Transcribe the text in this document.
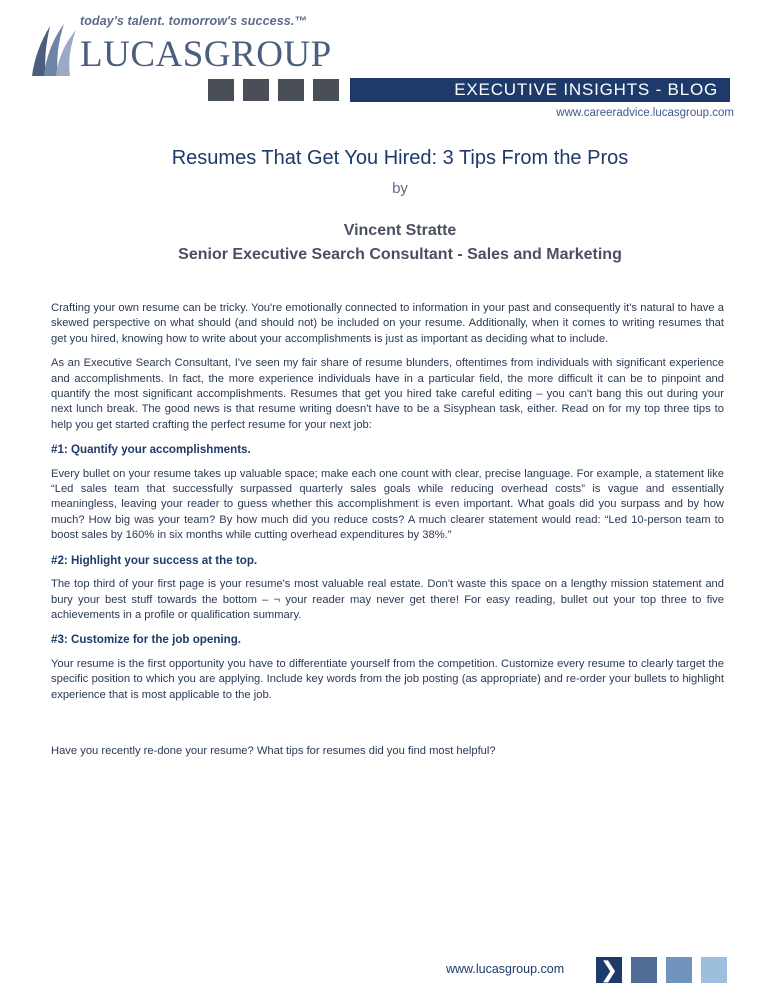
today's talent. tomorrow's success.™
LUCASGROUP
EXECUTIVE INSIGHTS - BLOG
www.careeradvice.lucasgroup.com
Resumes That Get You Hired: 3 Tips From the Pros
by
Vincent Stratte
Senior Executive Search Consultant - Sales and Marketing

Crafting your own resume can be tricky. You're emotionally connected to information in your past and consequently it's natural to have a skewed perspective on what should (and should not) be included on your resume. Additionally, when it comes to writing resumes that get you hired, knowing how to write about your accomplishments is just as important as deciding what to include.

As an Executive Search Consultant, I've seen my fair share of resume blunders, oftentimes from individuals with significant experience and accomplishments. In fact, the more experience individuals have in a particular field, the more difficult it can be to pinpoint and quantify the most significant accomplishments. Resumes that get you hired take careful editing – you can't bang this out during your next lunch break. The good news is that resume writing doesn't have to be a Sisyphean task, either. Read on for my top three tips to help you get started crafting the perfect resume for your next job:

#1: Quantify your accomplishments.

Every bullet on your resume takes up valuable space; make each one count with clear, precise language. For example, a statement like “Led sales team that successfully surpassed quarterly sales goals while reducing overhead costs” is vague and essentially meaningless, leaving your reader to guess whether this accomplishment is even important. What goals did you surpass and by how much? How big was your team? By how much did you reduce costs? A much clearer statement would read: “Led 10-person team to boost sales by 160% in six months while cutting overhead expenditures by 38%.”

#2: Highlight your success at the top.

The top third of your first page is your resume's most valuable real estate. Don't waste this space on a lengthy mission statement and bury your best stuff towards the bottom – ¬ your reader may never get there! For easy reading, bullet out your top three to five achievements in a profile or qualification summary.

#3: Customize for the job opening.

Your resume is the first opportunity you have to differentiate yourself from the competition. Customize every resume to clearly target the specific position to which you are applying. Include key words from the job posting (as appropriate) and re-order your bullets to highlight experience that is most applicable to the job.

Have you recently re-done your resume? What tips for resumes did you find most helpful?

www.lucasgroup.com ❯
